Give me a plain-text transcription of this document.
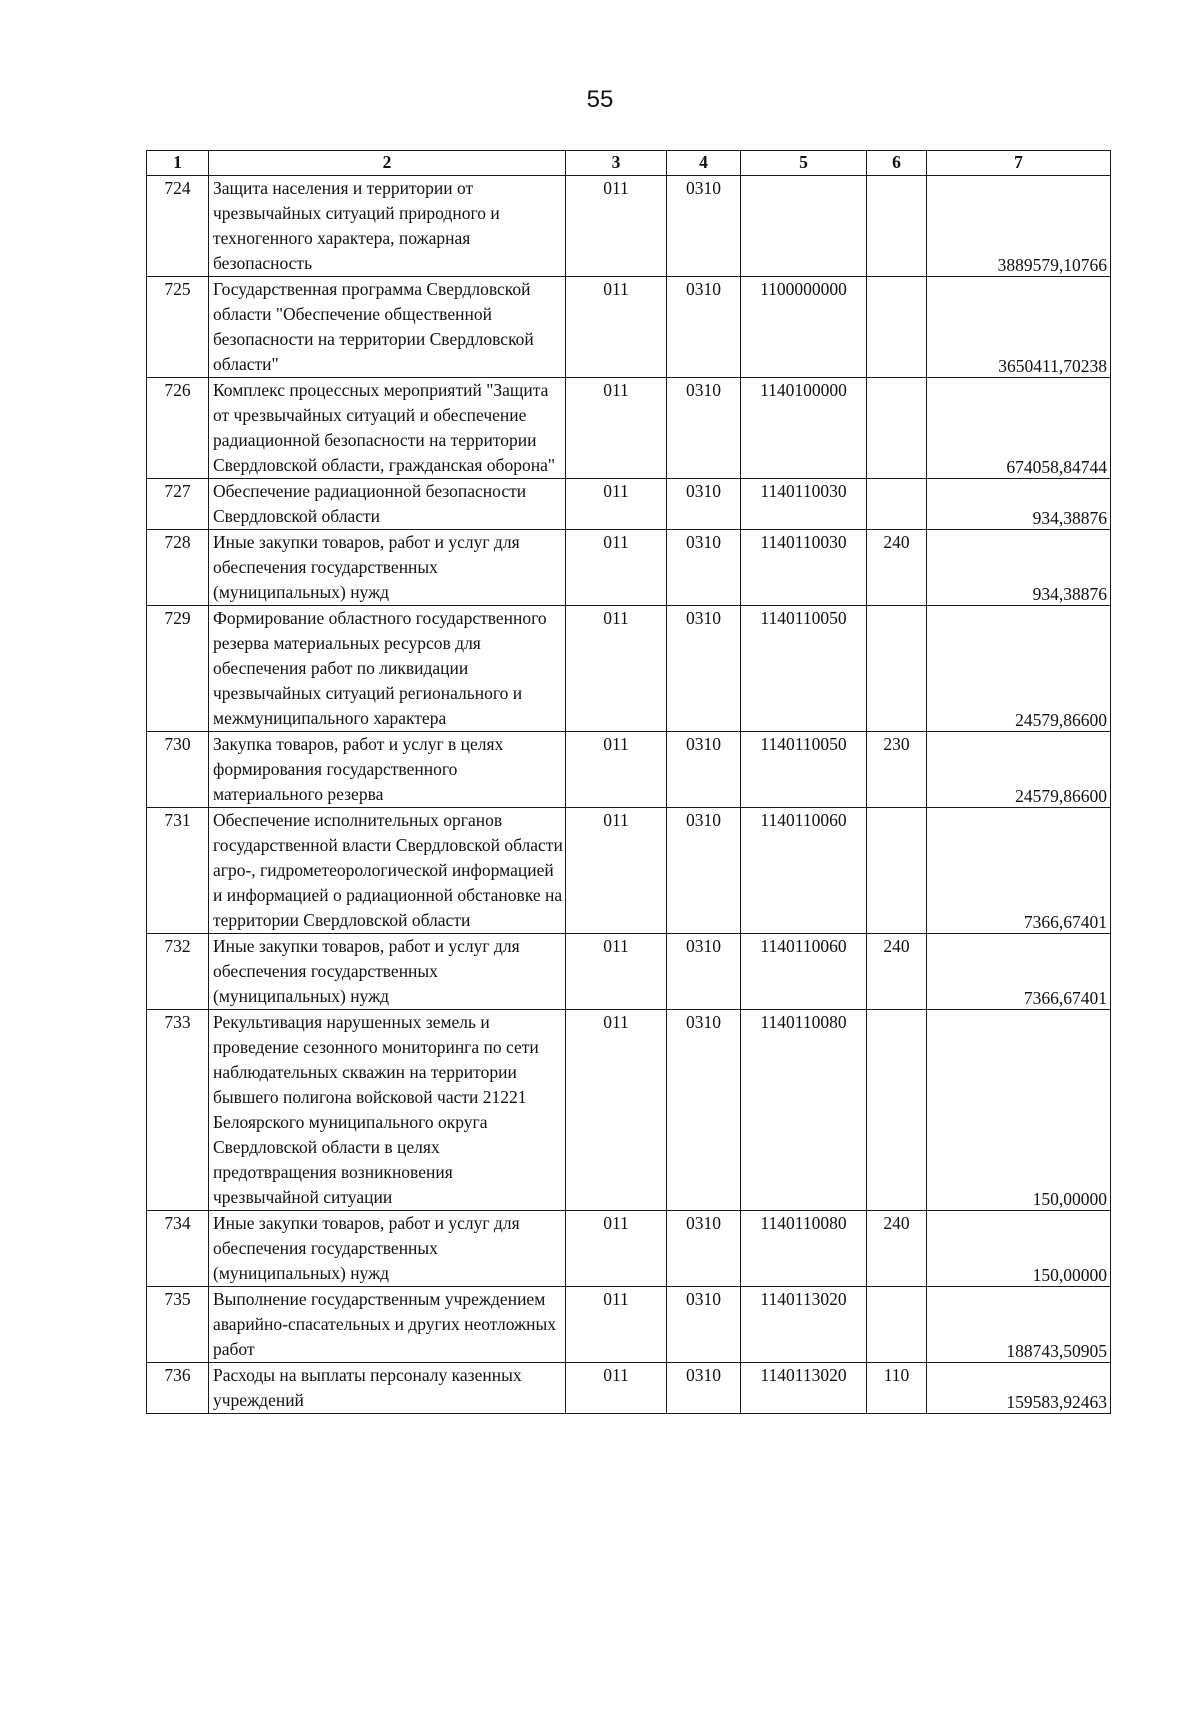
55
1	2	3	4	5	6	7
724	Защита населения и территории от чрезвычайных ситуаций природного и техногенного характера, пожарная безопасность	011	0310			3889579,10766
725	Государственная программа Свердловской области "Обеспечение общественной безопасности на территории Свердловской области"	011	0310	1100000000		3650411,70238
726	Комплекс процессных мероприятий "Защита от чрезвычайных ситуаций и обеспечение радиационной безопасности на территории Свердловской области, гражданская оборона"	011	0310	1140100000		674058,84744
727	Обеспечение радиационной безопасности Свердловской области	011	0310	1140110030		934,38876
728	Иные закупки товаров, работ и услуг для обеспечения государственных (муниципальных) нужд	011	0310	1140110030	240	934,38876
729	Формирование областного государственного резерва материальных ресурсов для обеспечения работ по ликвидации чрезвычайных ситуаций регионального и межмуниципального характера	011	0310	1140110050		24579,86600
730	Закупка товаров, работ и услуг в целях формирования государственного материального резерва	011	0310	1140110050	230	24579,86600
731	Обеспечение исполнительных органов государственной власти Свердловской области агро-, гидрометеорологической информацией и информацией о радиационной обстановке на территории Свердловской области	011	0310	1140110060		7366,67401
732	Иные закупки товаров, работ и услуг для обеспечения государственных (муниципальных) нужд	011	0310	1140110060	240	7366,67401
733	Рекультивация нарушенных земель и проведение сезонного мониторинга по сети наблюдательных скважин на территории бывшего полигона войсковой части 21221 Белоярского муниципального округа Свердловской области в целях предотвращения возникновения чрезвычайной ситуации	011	0310	1140110080		150,00000
734	Иные закупки товаров, работ и услуг для обеспечения государственных (муниципальных) нужд	011	0310	1140110080	240	150,00000
735	Выполнение государственным учреждением аварийно-спасательных и других неотложных работ	011	0310	1140113020		188743,50905
736	Расходы на выплаты персоналу казенных учреждений	011	0310	1140113020	110	159583,92463
